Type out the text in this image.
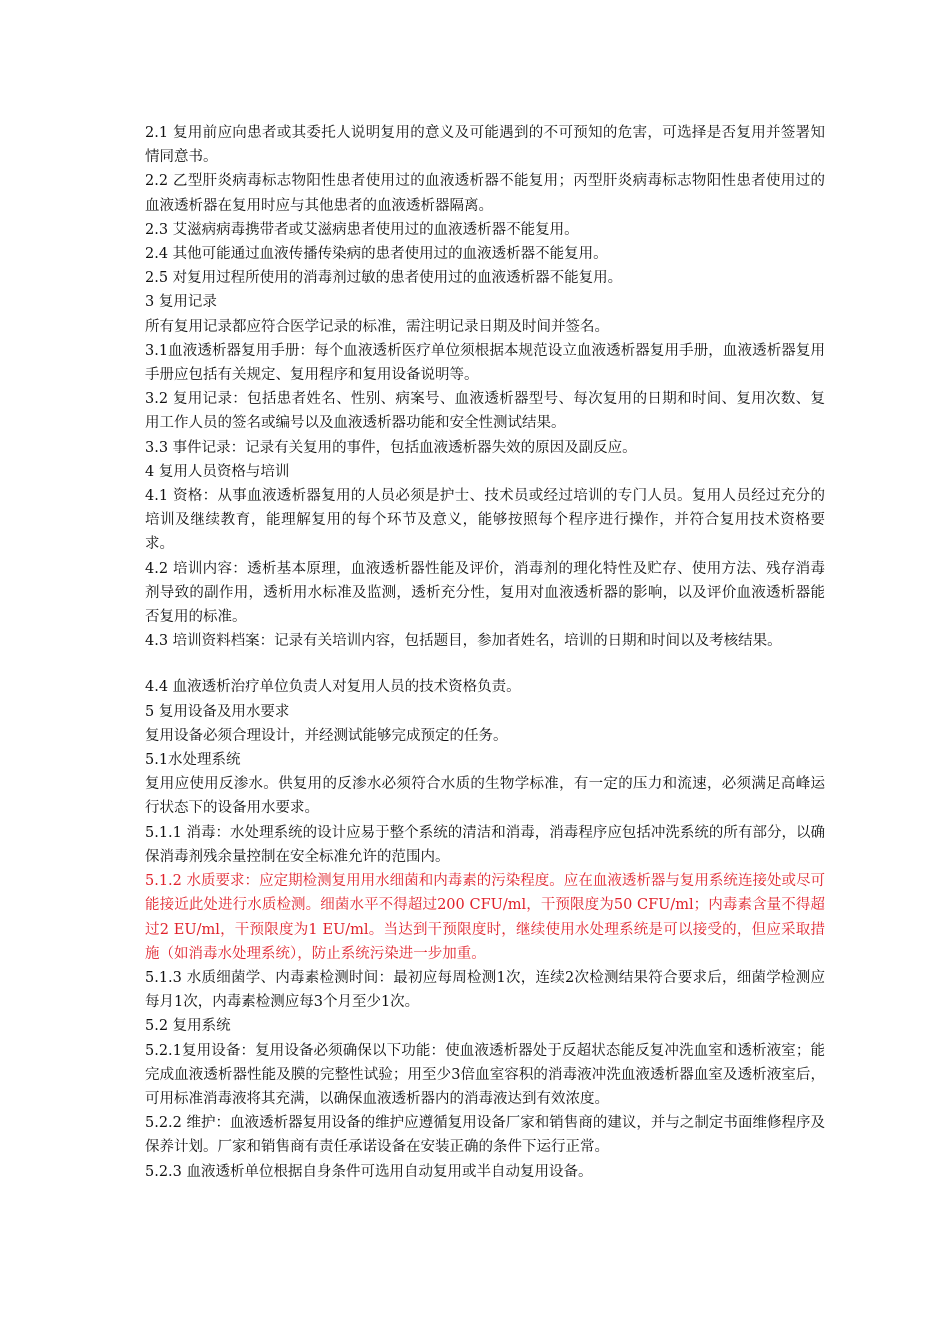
2.1 复用前应向患者或其委托人说明复用的意义及可能遇到的不可预知的危害，可选择是否复用并签署知情同意书。

2.2 乙型肝炎病毒标志物阳性患者使用过的血液透析器不能复用；丙型肝炎病毒标志物阳性患者使用过的血液透析器在复用时应与其他患者的血液透析器隔离。

2.3 艾滋病病毒携带者或艾滋病患者使用过的血液透析器不能复用。

2.4 其他可能通过血液传播传染病的患者使用过的血液透析器不能复用。

2.5 对复用过程所使用的消毒剂过敏的患者使用过的血液透析器不能复用。

3 复用记录

所有复用记录都应符合医学记录的标准，需注明记录日期及时间并签名。

3.1血液透析器复用手册：每个血液透析医疗单位须根据本规范设立血液透析器复用手册，血液透析器复用手册应包括有关规定、复用程序和复用设备说明等。

3.2 复用记录：包括患者姓名、性别、病案号、血液透析器型号、每次复用的日期和时间、复用次数、复用工作人员的签名或编号以及血液透析器功能和安全性测试结果。

3.3 事件记录：记录有关复用的事件，包括血液透析器失效的原因及副反应。

4 复用人员资格与培训

4.1 资格：从事血液透析器复用的人员必须是护士、技术员或经过培训的专门人员。复用人员经过充分的培训及继续教育，能理解复用的每个环节及意义，能够按照每个程序进行操作，并符合复用技术资格要求。

4.2 培训内容：透析基本原理，血液透析器性能及评价，消毒剂的理化特性及贮存、使用方法、残存消毒剂导致的副作用，透析用水标准及监测，透析充分性，复用对血液透析器的影响，以及评价血液透析器能否复用的标准。

4.3 培训资料档案：记录有关培训内容，包括题目，参加者姓名，培训的日期和时间以及考核结果。

4.4 血液透析治疗单位负责人对复用人员的技术资格负责。

5 复用设备及用水要求

复用设备必须合理设计，并经测试能够完成预定的任务。

5.1水处理系统

复用应使用反渗水。供复用的反渗水必须符合水质的生物学标准，有一定的压力和流速，必须满足高峰运行状态下的设备用水要求。

5.1.1 消毒：水处理系统的设计应易于整个系统的清洁和消毒，消毒程序应包括冲洗系统的所有部分，以确保消毒剂残余量控制在安全标准允许的范围内。

5.1.2 水质要求：应定期检测复用用水细菌和内毒素的污染程度。应在血液透析器与复用系统连接处或尽可能接近此处进行水质检测。细菌水平不得超过200 CFU/ml，干预限度为50 CFU/ml；内毒素含量不得超过2 EU/ml，干预限度为1 EU/ml。当达到干预限度时，继续使用水处理系统是可以接受的，但应采取措施（如消毒水处理系统），防止系统污染进一步加重。

5.1.3 水质细菌学、内毒素检测时间：最初应每周检测1次，连续2次检测结果符合要求后，细菌学检测应每月1次，内毒素检测应每3个月至少1次。

5.2 复用系统

5.2.1复用设备：复用设备必须确保以下功能：使血液透析器处于反超状态能反复冲洗血室和透析液室；能完成血液透析器性能及膜的完整性试验；用至少3倍血室容积的消毒液冲洗血液透析器血室及透析液室后，可用标准消毒液将其充满，以确保血液透析器内的消毒液达到有效浓度。

5.2.2 维护：血液透析器复用设备的维护应遵循复用设备厂家和销售商的建议，并与之制定书面维修程序及保养计划。厂家和销售商有责任承诺设备在安装正确的条件下运行正常。

5.2.3 血液透析单位根据自身条件可选用自动复用或半自动复用设备。
